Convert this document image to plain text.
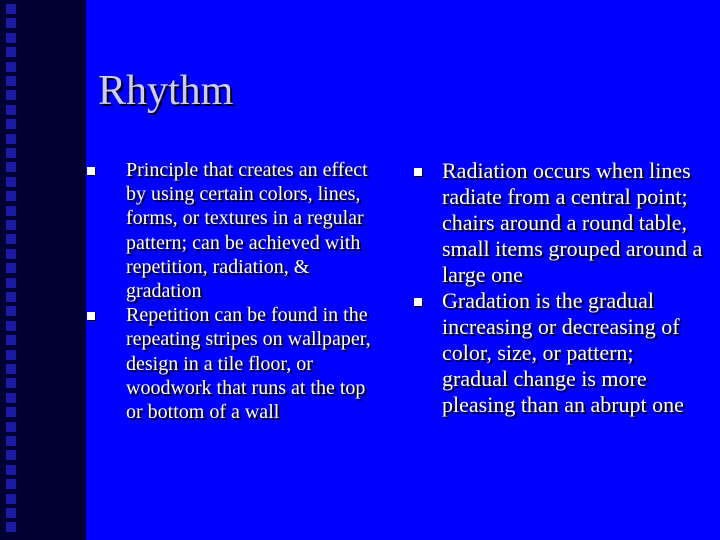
Rhythm
Principle that creates an effect by using certain colors, lines, forms, or textures in a regular pattern; can be achieved with repetition, radiation, & gradation
Repetition can be found in the repeating stripes on wallpaper, design in a tile floor, or woodwork that runs at the top or bottom of a wall
Radiation occurs when lines radiate from a central point; chairs around a round table, small items grouped around a large one
Gradation is the gradual increasing or decreasing of color, size, or pattern; gradual change is more pleasing than an abrupt one
